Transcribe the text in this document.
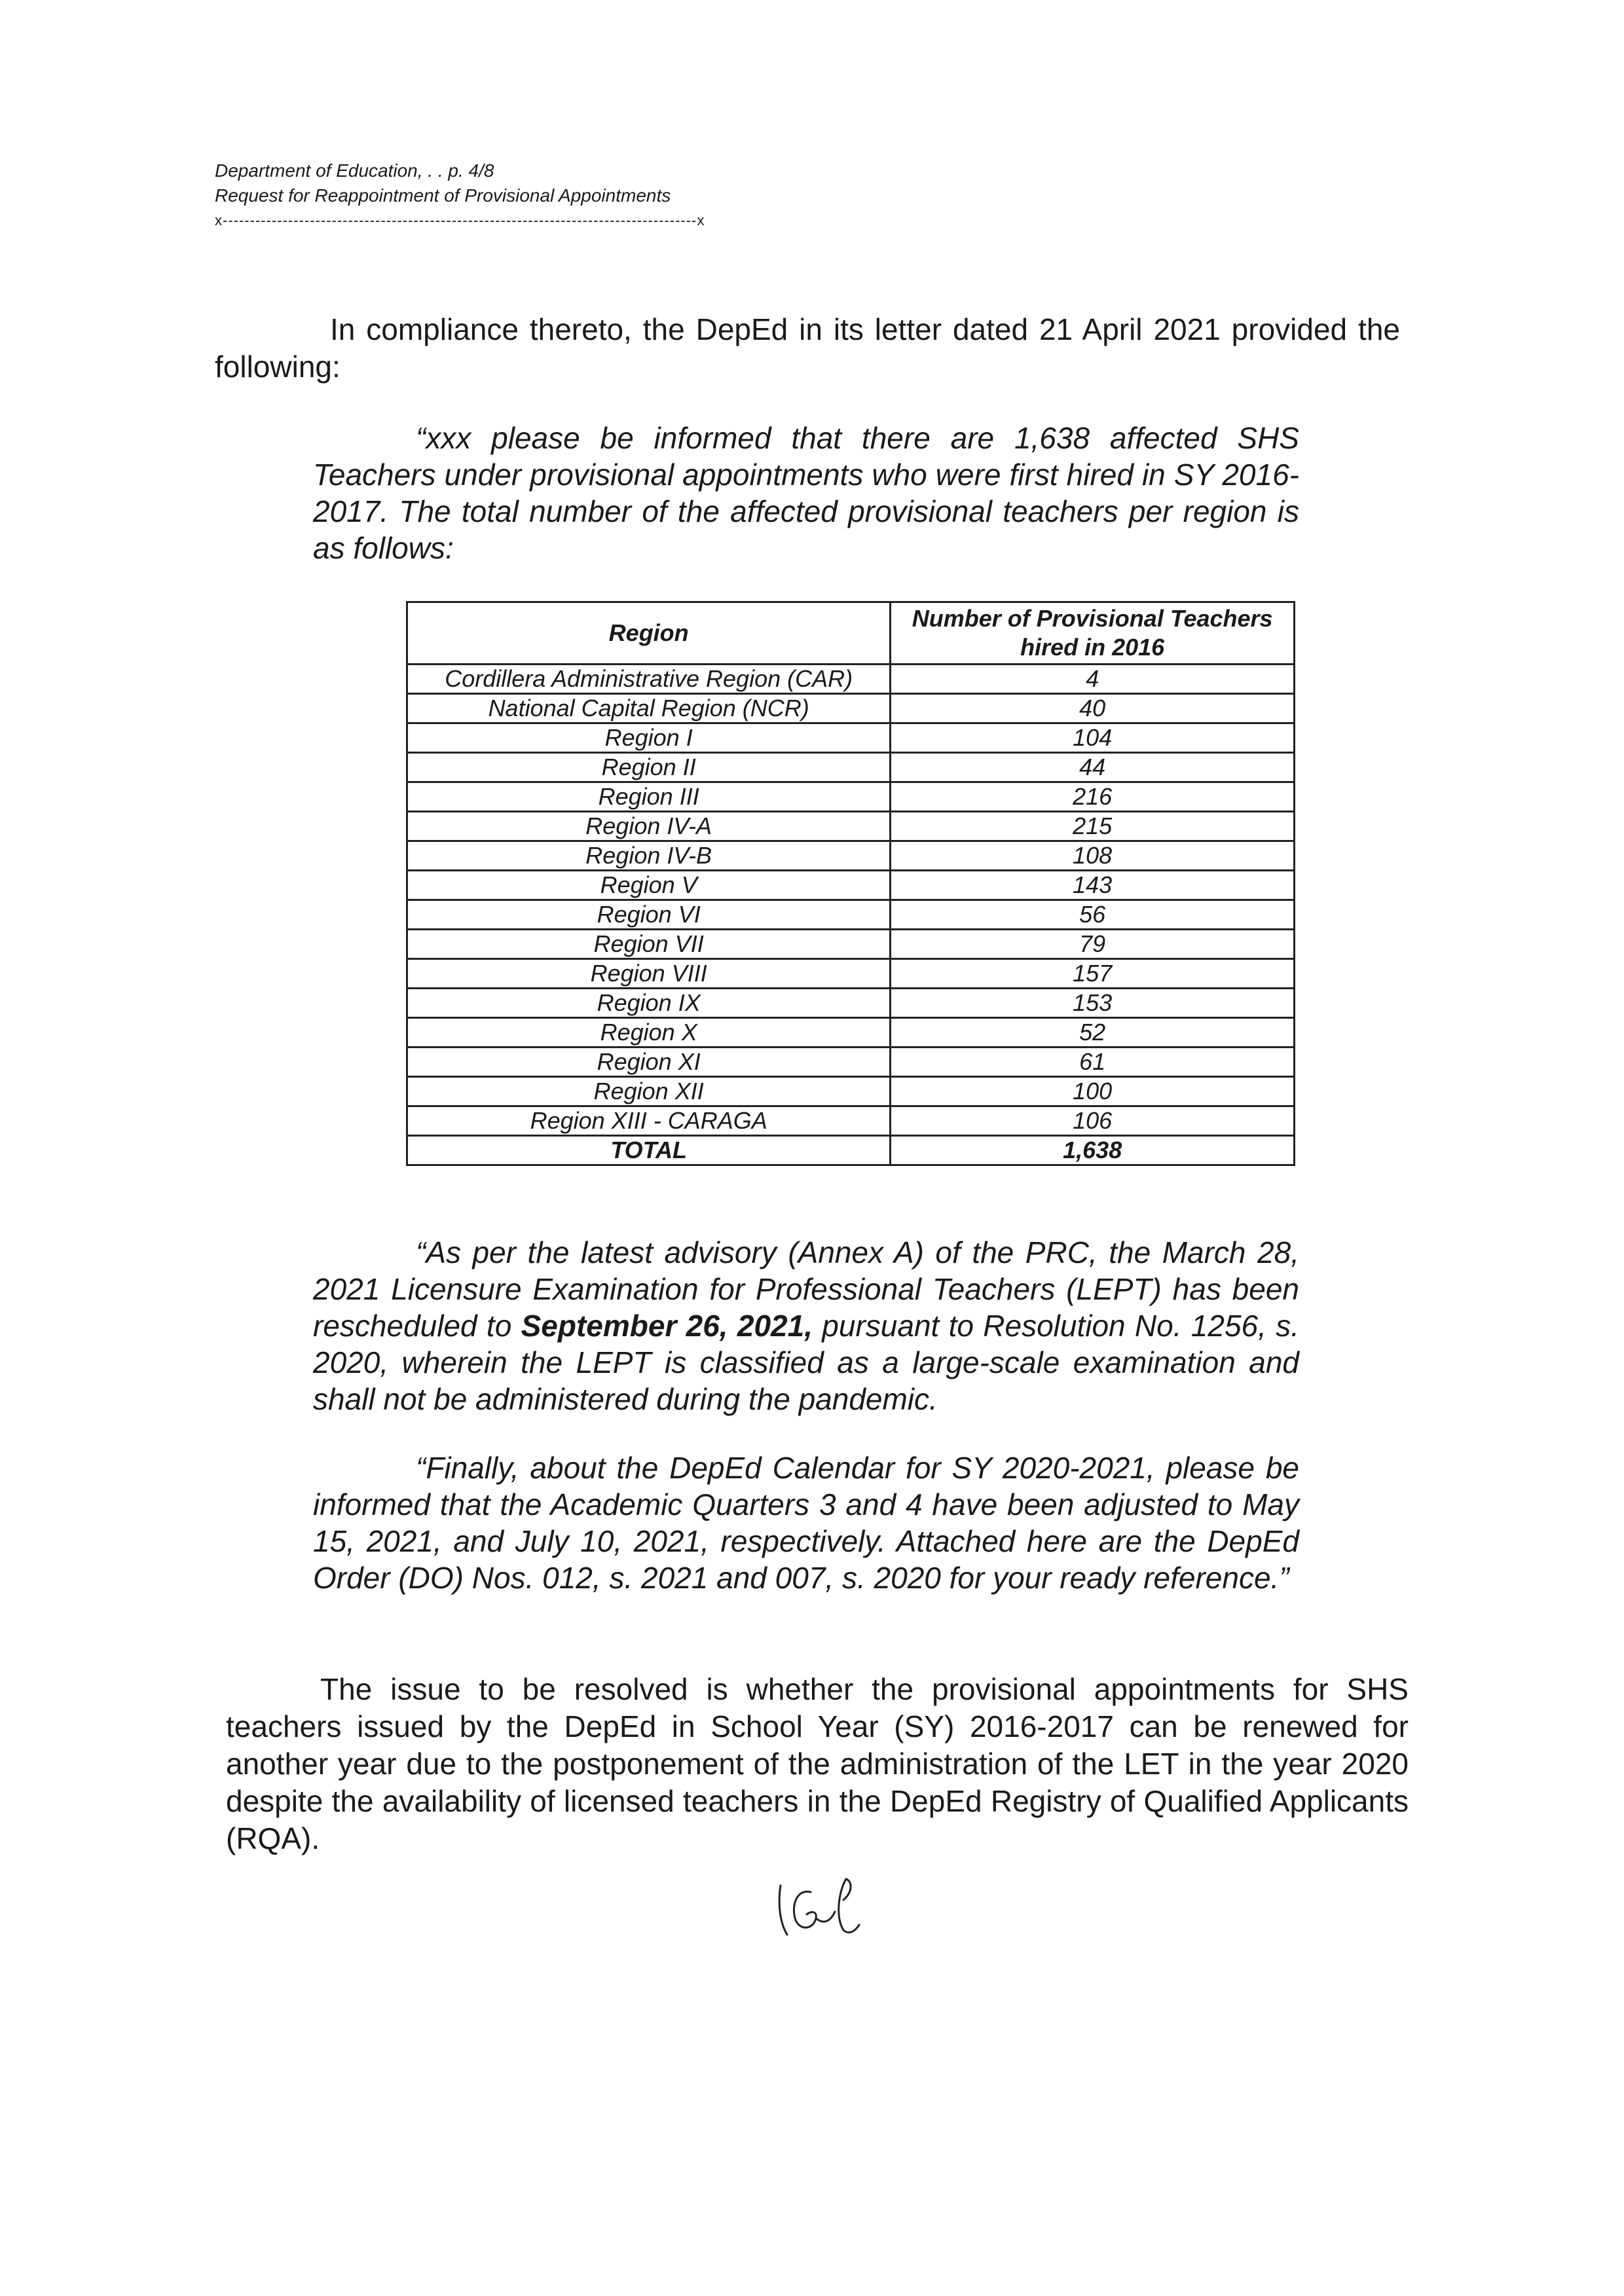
Department of Education, . . p. 4/8
Request for Reappointment of Provisional Appointments
x---------------------------------------------------------------------------------------x
In compliance thereto, the DepEd in its letter dated 21 April 2021 provided the following:
“xxx please be informed that there are 1,638 affected SHS Teachers under provisional appointments who were first hired in SY 2016-2017. The total number of the affected provisional teachers per region is as follows:
Region	Number of Provisional Teachers hired in 2016
Cordillera Administrative Region (CAR)	4
National Capital Region (NCR)	40
Region I	104
Region II	44
Region III	216
Region IV-A	215
Region IV-B	108
Region V	143
Region VI	56
Region VII	79
Region VIII	157
Region IX	153
Region X	52
Region XI	61
Region XII	100
Region XIII - CARAGA	106
TOTAL	1,638
“As per the latest advisory (Annex A) of the PRC, the March 28, 2021 Licensure Examination for Professional Teachers (LEPT) has been rescheduled to September 26, 2021, pursuant to Resolution No. 1256, s. 2020, wherein the LEPT is classified as a large-scale examination and shall not be administered during the pandemic.
“Finally, about the DepEd Calendar for SY 2020-2021, please be informed that the Academic Quarters 3 and 4 have been adjusted to May 15, 2021, and July 10, 2021, respectively. Attached here are the DepEd Order (DO) Nos. 012, s. 2021 and 007, s. 2020 for your ready reference.”
The issue to be resolved is whether the provisional appointments for SHS teachers issued by the DepEd in School Year (SY) 2016-2017 can be renewed for another year due to the postponement of the administration of the LET in the year 2020 despite the availability of licensed teachers in the DepEd Registry of Qualified Applicants (RQA).
